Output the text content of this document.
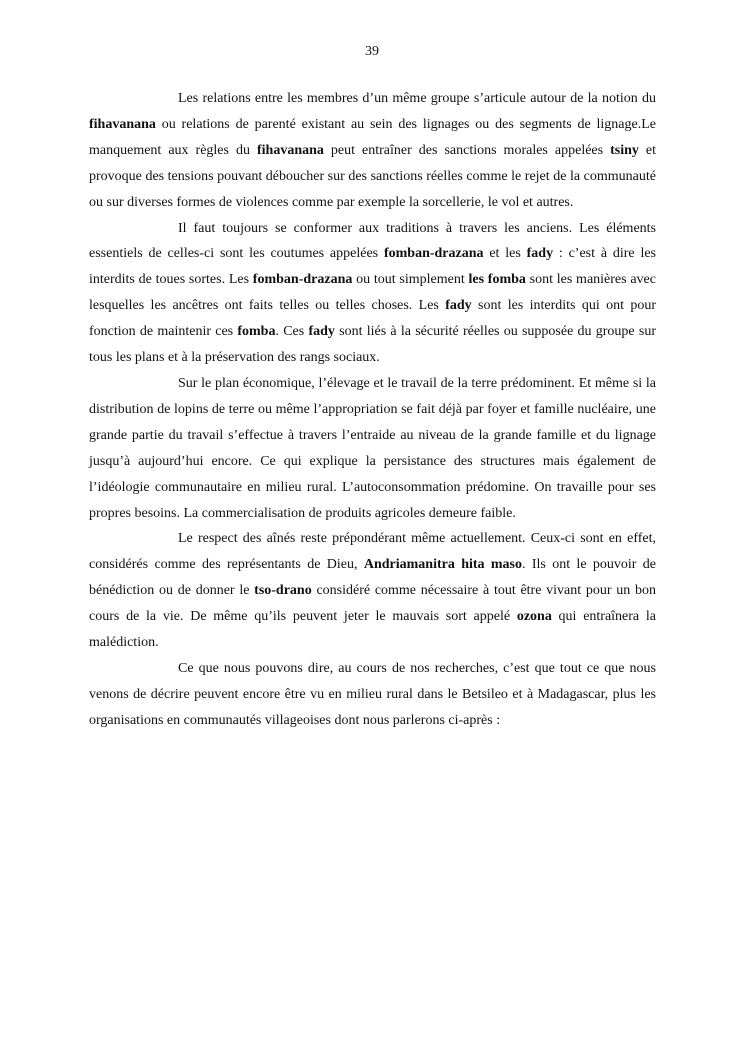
39

Les relations entre les membres d’un même groupe s’articule autour de la notion du fihavanana ou relations de parenté existant au sein des lignages ou des segments de lignage.Le manquement aux règles du fihavanana peut entraîner des sanctions morales appelées tsiny et provoque des tensions pouvant déboucher sur des sanctions réelles comme le rejet de la communauté ou sur diverses formes de violences comme par exemple la sorcellerie, le vol et autres.

Il faut toujours se conformer aux traditions à travers les anciens. Les éléments essentiels de celles-ci sont les coutumes appelées fomban-drazana et les fady : c’est à dire les interdits de toues sortes. Les fomban-drazana ou tout simplement les fomba sont les manières avec lesquelles les ancêtres ont faits telles ou telles choses. Les fady sont les interdits qui ont pour fonction de maintenir ces fomba. Ces fady sont liés à la sécurité réelles ou supposée du groupe sur tous les plans et à la préservation des rangs sociaux.

Sur le plan économique, l’élevage et le travail de la terre prédominent. Et même si la distribution de lopins de terre ou même l’appropriation se fait déjà par foyer et famille nucléaire, une grande partie du travail s’effectue à travers l’entraide au niveau de la grande famille et du lignage jusqu’à aujourd’hui encore. Ce qui explique la persistance des structures mais également de l’idéologie communautaire en milieu rural. L’autoconsommation prédomine. On travaille pour ses propres besoins. La commercialisation de produits agricoles demeure faible.

Le respect des aînés reste prépondérant même actuellement. Ceux-ci sont en effet, considérés comme des représentants de Dieu, Andriamanitra hita maso. Ils ont le pouvoir de bénédiction ou de donner le tso-drano considéré comme nécessaire à tout être vivant pour un bon cours de la vie. De même qu’ils peuvent jeter le mauvais sort appelé ozona qui entraînera la malédiction.

Ce que nous pouvons dire, au cours de nos recherches, c’est que tout ce que nous venons de décrire peuvent encore être vu en milieu rural dans le Betsileo et à Madagascar, plus les organisations en communautés villageoises dont nous parlerons ci-après :
